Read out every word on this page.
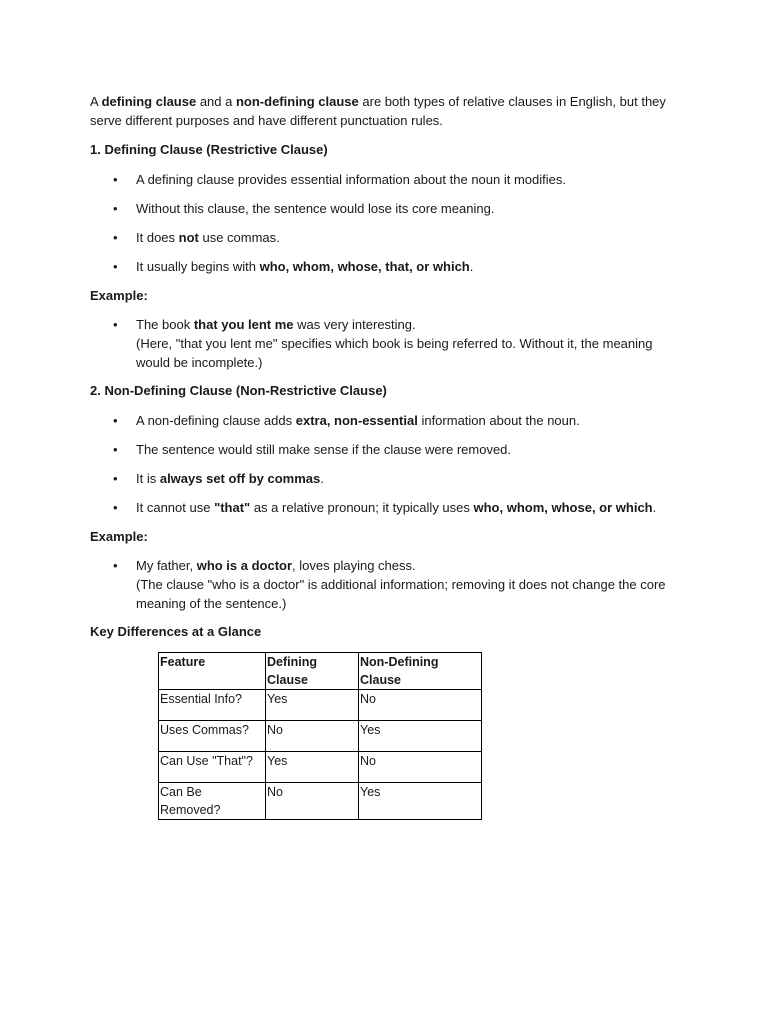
A defining clause and a non-defining clause are both types of relative clauses in English, but they serve different purposes and have different punctuation rules.

1. Defining Clause (Restrictive Clause)

• A defining clause provides essential information about the noun it modifies.
• Without this clause, the sentence would lose its core meaning.
• It does not use commas.
• It usually begins with who, whom, whose, that, or which.

Example:

• The book that you lent me was very interesting.
(Here, "that you lent me" specifies which book is being referred to. Without it, the meaning would be incomplete.)

2. Non-Defining Clause (Non-Restrictive Clause)

• A non-defining clause adds extra, non-essential information about the noun.
• The sentence would still make sense if the clause were removed.
• It is always set off by commas.
• It cannot use "that" as a relative pronoun; it typically uses who, whom, whose, or which.

Example:

• My father, who is a doctor, loves playing chess.
(The clause "who is a doctor" is additional information; removing it does not change the core meaning of the sentence.)

Key Differences at a Glance

Feature	Defining Clause	Non-Defining Clause
Essential Info?	Yes	No
Uses Commas?	No	Yes
Can Use "That"?	Yes	No
Can Be Removed?	No	Yes
